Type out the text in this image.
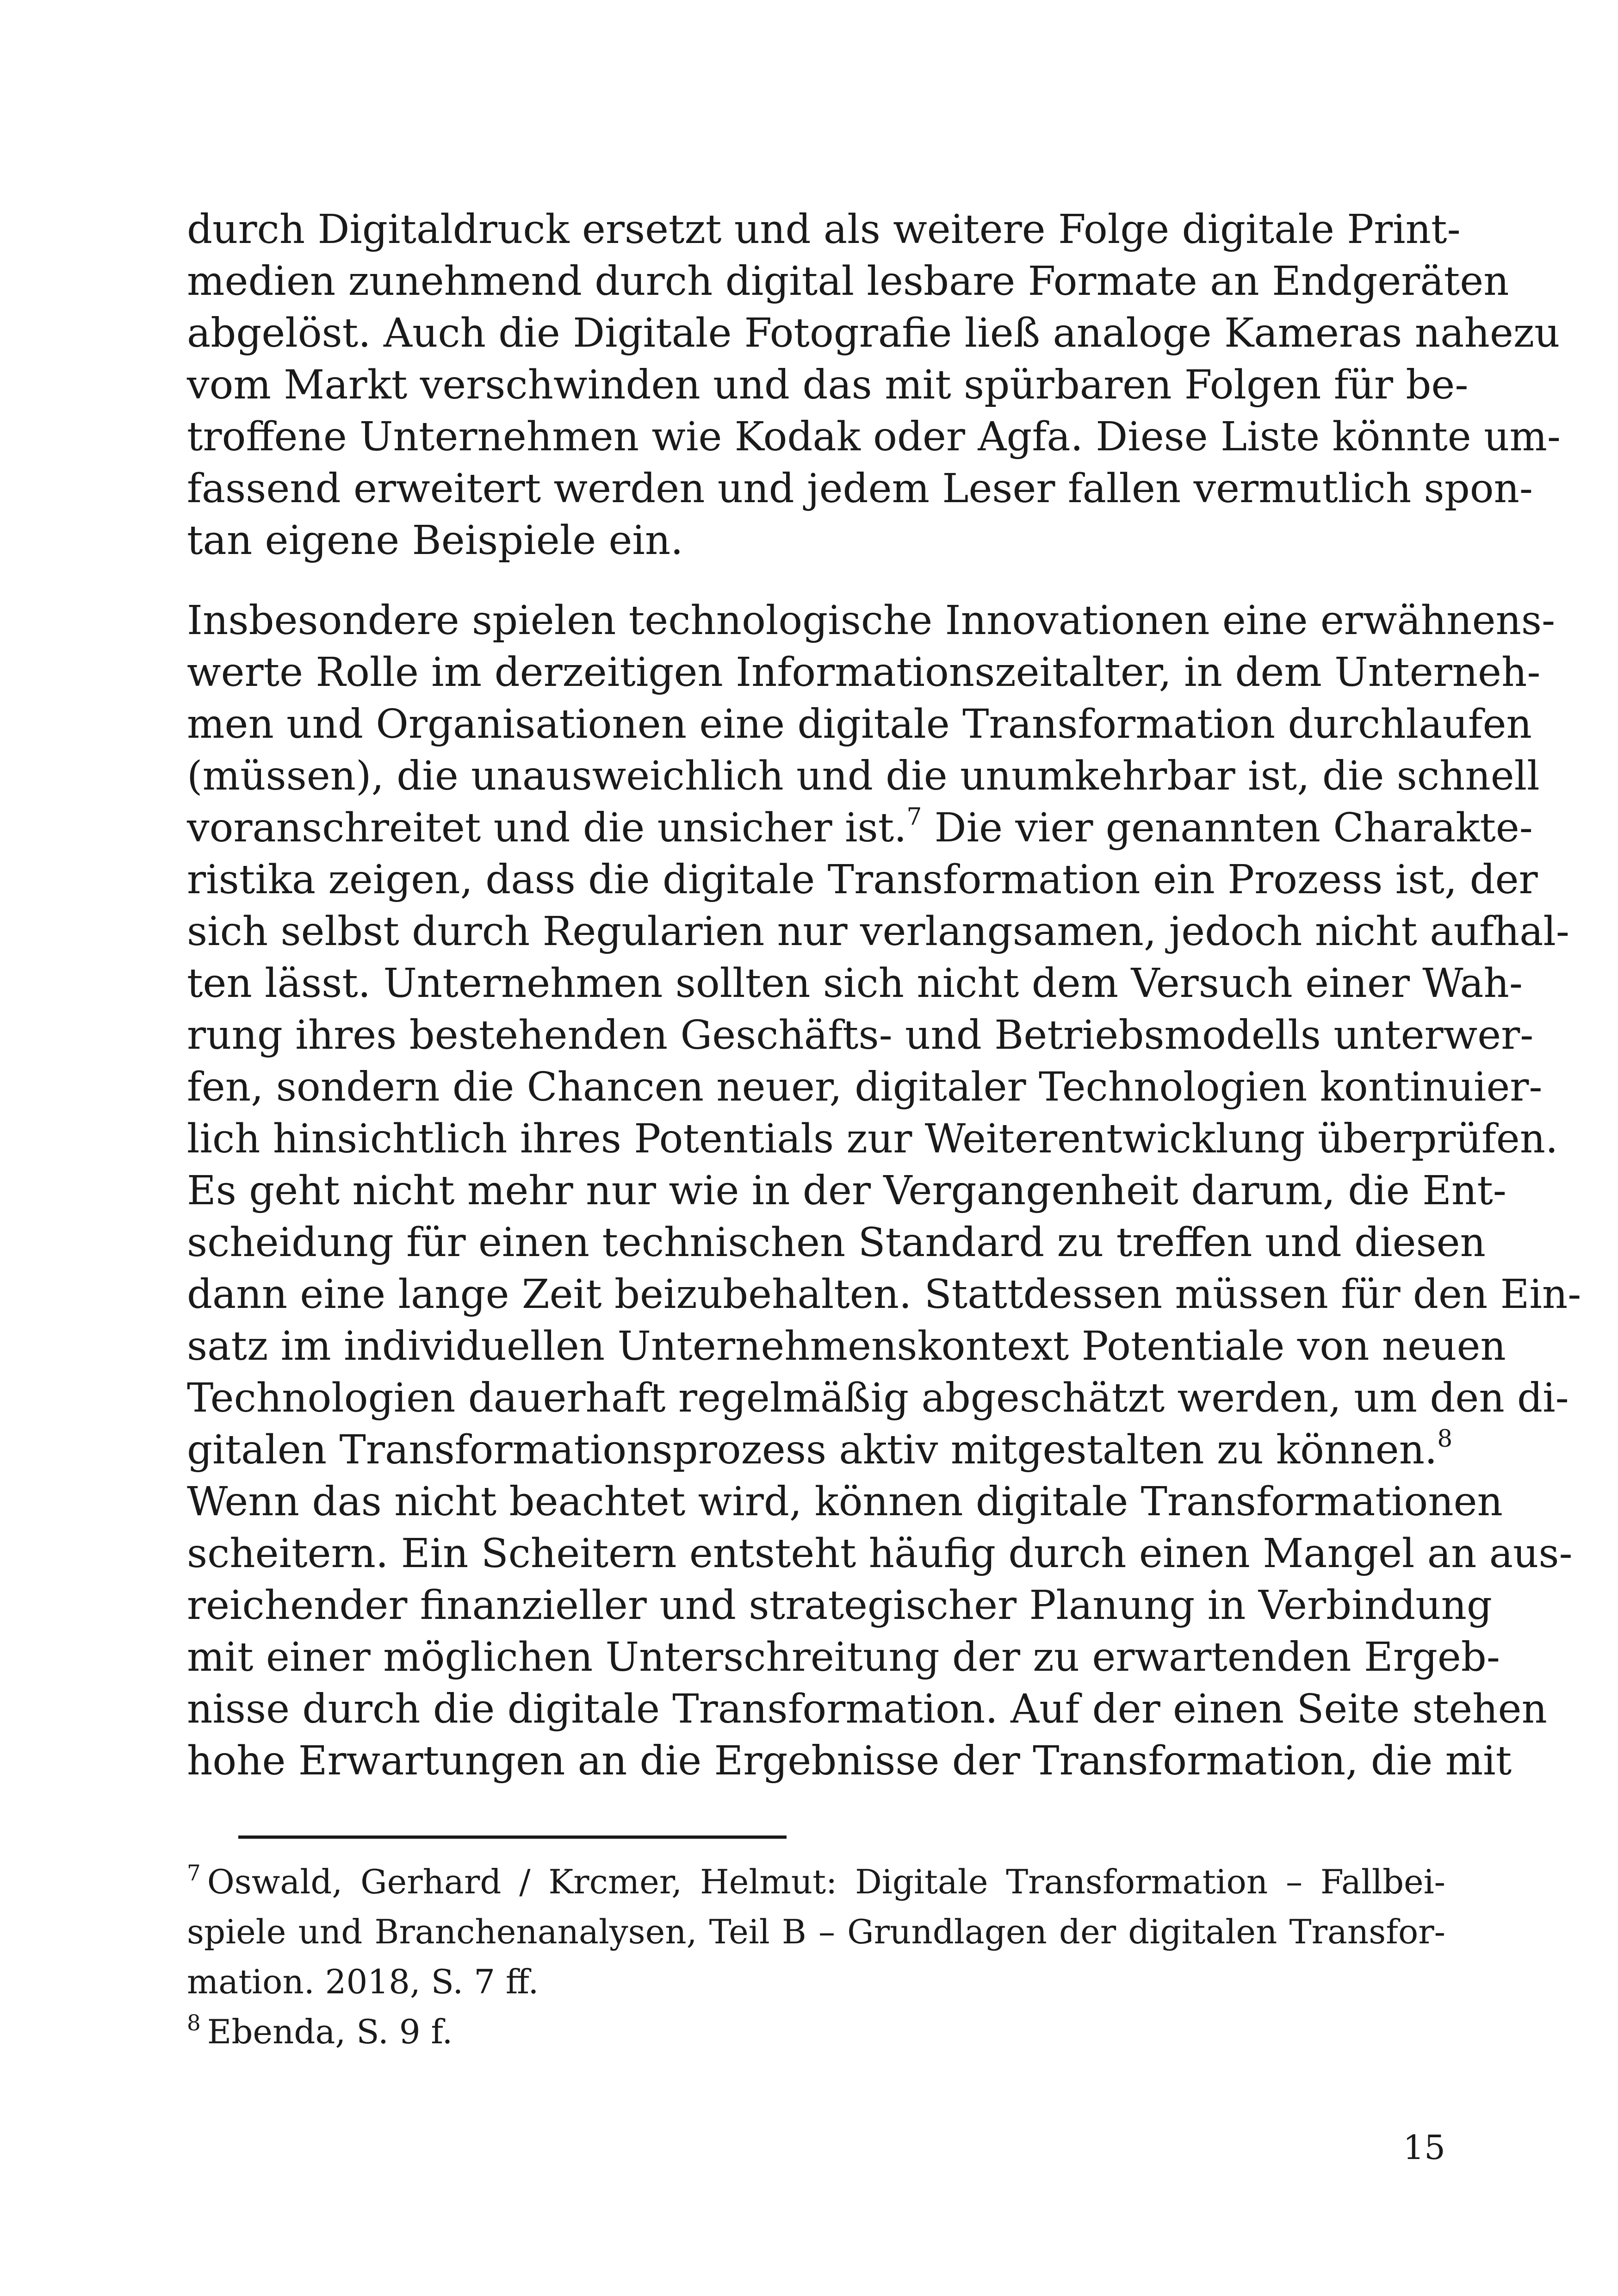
durch Digitaldruck ersetzt und als weitere Folge digitale Print-
medien zunehmend durch digital lesbare Formate an Endgeräten
abgelöst. Auch die Digitale Fotografie ließ analoge Kameras nahezu
vom Markt verschwinden und das mit spürbaren Folgen für be-
troffene Unternehmen wie Kodak oder Agfa. Diese Liste könnte um-
fassend erweitert werden und jedem Leser fallen vermutlich spon-
tan eigene Beispiele ein.
Insbesondere spielen technologische Innovationen eine erwähnens-
werte Rolle im derzeitigen Informationszeitalter, in dem Unterneh-
men und Organisationen eine digitale Transformation durchlaufen
(müssen), die unausweichlich und die unumkehrbar ist, die schnell
voranschreitet und die unsicher ist.$^7$ Die vier genannten Charakte-
ristika zeigen, dass die digitale Transformation ein Prozess ist, der
sich selbst durch Regularien nur verlangsamen, jedoch nicht aufhal-
ten lässt. Unternehmen sollten sich nicht dem Versuch einer Wah-
rung ihres bestehenden Geschäfts- und Betriebsmodells unterwer-
fen, sondern die Chancen neuer, digitaler Technologien kontinuier-
lich hinsichtlich ihres Potentials zur Weiterentwicklung überprüfen.
Es geht nicht mehr nur wie in der Vergangenheit darum, die Ent-
scheidung für einen technischen Standard zu treffen und diesen
dann eine lange Zeit beizubehalten. Stattdessen müssen für den Ein-
satz im individuellen Unternehmenskontext Potentiale von neuen
Technologien dauerhaft regelmäßig abgeschätzt werden, um den di-
gitalen Transformationsprozess aktiv mitgestalten zu können.$^8$
Wenn das nicht beachtet wird, können digitale Transformationen
scheitern. Ein Scheitern entsteht häufig durch einen Mangel an aus-
reichender finanzieller und strategischer Planung in Verbindung
mit einer möglichen Unterschreitung der zu erwartenden Ergeb-
nisse durch die digitale Transformation. Auf der einen Seite stehen
hohe Erwartungen an die Ergebnisse der Transformation, die mit
$^7$ Oswald, Gerhard / Krcmer, Helmut: Digitale Transformation – Fallbei-
spiele und Branchenanalysen, Teil B – Grundlagen der digitalen Transfor-
mation. 2018, S. 7 ff.
$^8$ Ebenda, S. 9 f.
15
